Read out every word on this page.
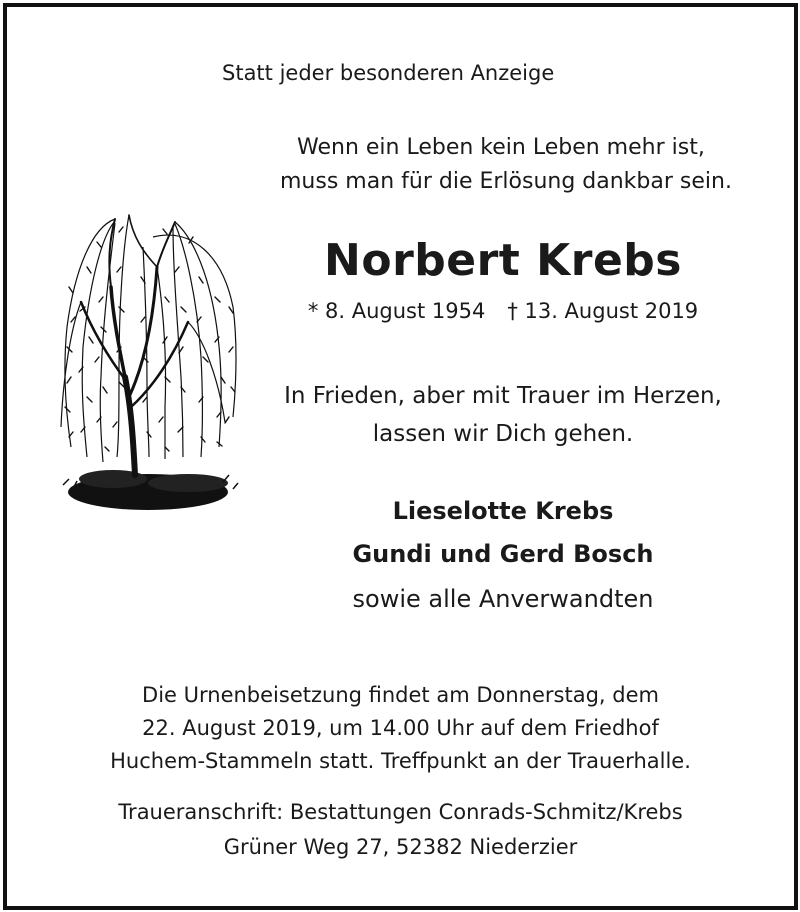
Statt jeder besonderen Anzeige
Wenn ein Leben kein Leben mehr ist,
muss man für die Erlösung dankbar sein.
Norbert Krebs
* 8. August 1954 † 13. August 2019
In Frieden, aber mit Trauer im Herzen,
lassen wir Dich gehen.
Lieselotte Krebs
Gundi und Gerd Bosch
sowie alle Anverwandten
Die Urnenbeisetzung findet am Donnerstag, dem
22. August 2019, um 14.00 Uhr auf dem Friedhof
Huchem-Stammeln statt. Treffpunkt an der Trauerhalle.
Traueranschrift: Bestattungen Conrads-Schmitz/Krebs
Grüner Weg 27, 52382 Niederzier
